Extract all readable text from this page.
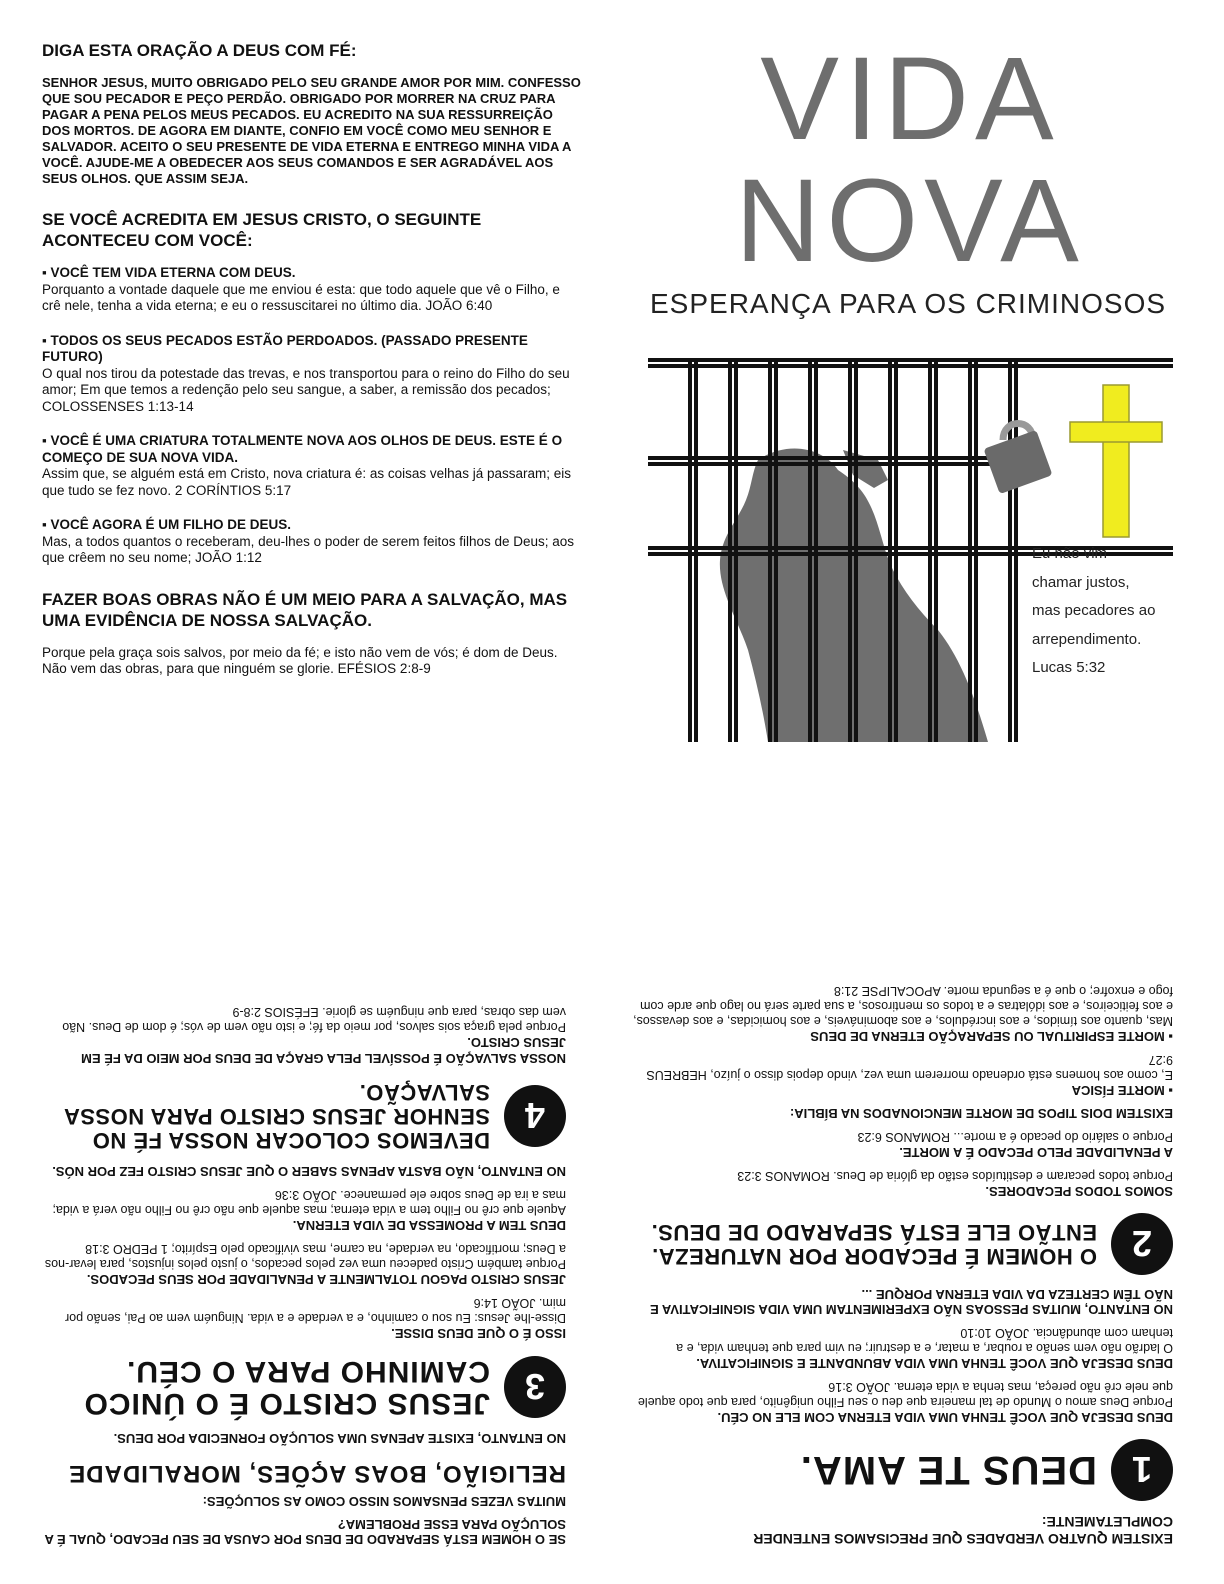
DIGA ESTA ORAÇÃO A DEUS COM FÉ:
SENHOR JESUS, MUITO OBRIGADO PELO SEU GRANDE AMOR POR MIM. CONFESSO QUE SOU PECADOR E PEÇO PERDÃO. OBRIGADO POR MORRER NA CRUZ PARA PAGAR A PENA PELOS MEUS PECADOS. EU ACREDITO NA SUA RESSURREIÇÃO DOS MORTOS. DE AGORA EM DIANTE, CONFIO EM VOCÊ COMO MEU SENHOR E SALVADOR. ACEITO O SEU PRESENTE DE VIDA ETERNA E ENTREGO MINHA VIDA A VOCÊ. AJUDE-ME A OBEDECER AOS SEUS COMANDOS E SER AGRADÁVEL AOS SEUS OLHOS. QUE ASSIM SEJA.
SE VOCÊ ACREDITA EM JESUS CRISTO, O SEGUINTE ACONTECEU COM VOCÊ:
▪ VOCÊ TEM VIDA ETERNA COM DEUS.
Porquanto a vontade daquele que me enviou é esta: que todo aquele que vê o Filho, e crê nele, tenha a vida eterna; e eu o ressuscitarei no último dia. JOÃO 6:40
▪ TODOS OS SEUS PECADOS ESTÃO PERDOADOS. (PASSADO PRESENTE FUTURO)
O qual nos tirou da potestade das trevas, e nos transportou para o reino do Filho do seu amor; Em que temos a redenção pelo seu sangue, a saber, a remissão dos pecados; COLOSSENSES 1:13-14
▪ VOCÊ É UMA CRIATURA TOTALMENTE NOVA AOS OLHOS DE DEUS. ESTE É O COMEÇO DE SUA NOVA VIDA.
Assim que, se alguém está em Cristo, nova criatura é: as coisas velhas já passaram; eis que tudo se fez novo. 2 CORÍNTIOS 5:17
▪ VOCÊ AGORA É UM FILHO DE DEUS.
Mas, a todos quantos o receberam, deu-lhes o poder de serem feitos filhos de Deus; aos que crêem no seu nome; JOÃO 1:12
FAZER BOAS OBRAS NÃO É UM MEIO PARA A SALVAÇÃO, MAS UMA EVIDÊNCIA DE NOSSA SALVAÇÃO.
Porque pela graça sois salvos, por meio da fé; e isto não vem de vós; é dom de Deus. Não vem das obras, para que ninguém se glorie. EFÉSIOS 2:8-9
VIDA
NOVA
ESPERANÇA PARA OS CRIMINOSOS
Eu não vim
chamar justos,
mas pecadores ao
arrependimento.
Lucas 5:32

EXISTEM QUATRO VERDADES QUE PRECISAMOS ENTENDER COMPLETAMENTE:

1
DEUS TE AMA.

DEUS DESEJA QUE VOCÊ TENHA UMA VIDA ETERNA COM ELE NO CÉU.
Porque Deus amou o Mundo de tal maneira que deu o seu Filho unigênito, para que todo aquele que nele crê não pereça, mas tenha a vida eterna. JOÃO 3:16

DEUS DESEJA QUE VOCÊ TENHA UMA VIDA ABUNDANTE E SIGNIFICATIVA.
O ladrão não vem senão a roubar, a matar, e a destruir; eu vim para que tenham vida, e a tenham com abundância. JOÃO 10:10

NO ENTANTO, MUITAS PESSOAS NÃO EXPERIMENTAM UMA VIDA SIGNIFICATIVA E NÃO TÊM CERTEZA DA VIDA ETERNA PORQUE ...

2
O HOMEM É PECADOR POR NATUREZA. ENTÃO ELE ESTÁ SEPARADO DE DEUS.

SOMOS TODOS PECADORES.
Porque todos pecaram e destituídos estão da glória de Deus. ROMANOS 3:23

A PENALIDADE PELO PECADO É A MORTE.
Porque o salário do pecado é a morte... ROMANOS 6:23

EXISTEM DOIS TIPOS DE MORTE MENCIONADOS NA BÍBLIA:

▪ MORTE FÍSICA
E, como aos homens está ordenado morrerem uma vez, vindo depois disso o juízo, HEBREUS 9:27

▪ MORTE ESPIRITUAL OU SEPARAÇÃO ETERNA DE DEUS
Mas, quanto aos tímidos, e aos incrédulos, e aos abomináveis, e aos homicidas, e aos devassos, e aos feiticeiros, e aos idólatras e a todos os mentirosos, a sua parte será no lago que arde com fogo e enxofre; o que é a segunda morte. APOCALIPSE 21:8

SE O HOMEM ESTÁ SEPARADO DE DEUS POR CAUSA DE SEU PECADO, QUAL É A SOLUÇÃO PARA ESSE PROBLEMA?

MUITAS VEZES PENSAMOS NISSO COMO AS SOLUÇÕES:

RELIGIÃO, BOAS AÇÕES, MORALIDADE

NO ENTANTO, EXISTE APENAS UMA SOLUÇÃO FORNECIDA POR DEUS.

3
JESUS CRISTO É O ÚNICO CAMINHO PARA O CÉU.

ISSO É O QUE DEUS DISSE.
Disse-lhe Jesus: Eu sou o caminho, e a verdade e a vida. Ninguém vem ao Pai, senão por mim. JOÃO 14:6

JESUS CRISTO PAGOU TOTALMENTE A PENALIDADE POR SEUS PECADOS.
Porque também Cristo padeceu uma vez pelos pecados, o justo pelos injustos, para levar-nos a Deus; mortificado, na verdade, na carne, mas vivificado pelo Espírito; 1 PEDRO 3:18

DEUS TEM A PROMESSA DE VIDA ETERNA.
Aquele que crê no Filho tem a vida eterna; mas aquele que não crê no Filho não verá a vida; mas a ira de Deus sobre ele permanece. JOÃO 3:36

NO ENTANTO, NÃO BASTA APENAS SABER O QUE JESUS CRISTO FEZ POR NÓS.

4
DEVEMOS COLOCAR NOSSA FÉ NO SENHOR JESUS CRISTO PARA NOSSA SALVAÇÃO.

NOSSA SALVAÇÃO É POSSÍVEL PELA GRAÇA DE DEUS POR MEIO DA FÉ EM JESUS CRISTO.
Porque pela graça sois salvos, por meio da fé; e isto não vem de vós; é dom de Deus. Não vem das obras, para que ninguém se glorie. EFÉSIOS 2:8-9
